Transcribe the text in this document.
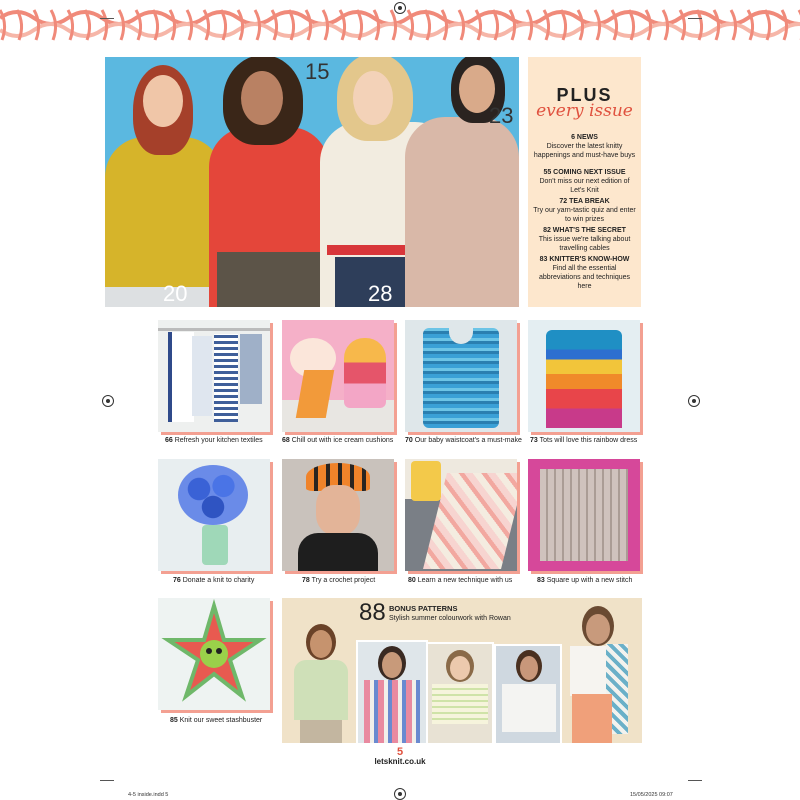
15
23
20	28
PLUS
every issue
6 NEWS
Discover the latest knitty happenings and must-have buys
55 COMING NEXT ISSUE
Don't miss our next edition of Let's Knit
72 TEA BREAK
Try our yarn-tastic quiz and enter to win prizes
82 WHAT'S THE SECRET
This issue we're talking about travelling cables
83 KNITTER'S KNOW-HOW
Find all the essential abbreviations and techniques here
66 Refresh your kitchen textiles	68 Chill out with ice cream cushions 70 Our baby waistcoat's a must-make 73 Tots will love this rainbow dress
76 Donate a knit to charity	78 Try a crochet project	80 Learn a new technique with us	83 Square up with a new stitch
85 Knit our sweet stashbuster
88 BONUS PATTERNS
Stylish summer colourwork with Rowan
5
letsknit.co.uk
4-5 inside.indd 5	15/05/2025 09:07
